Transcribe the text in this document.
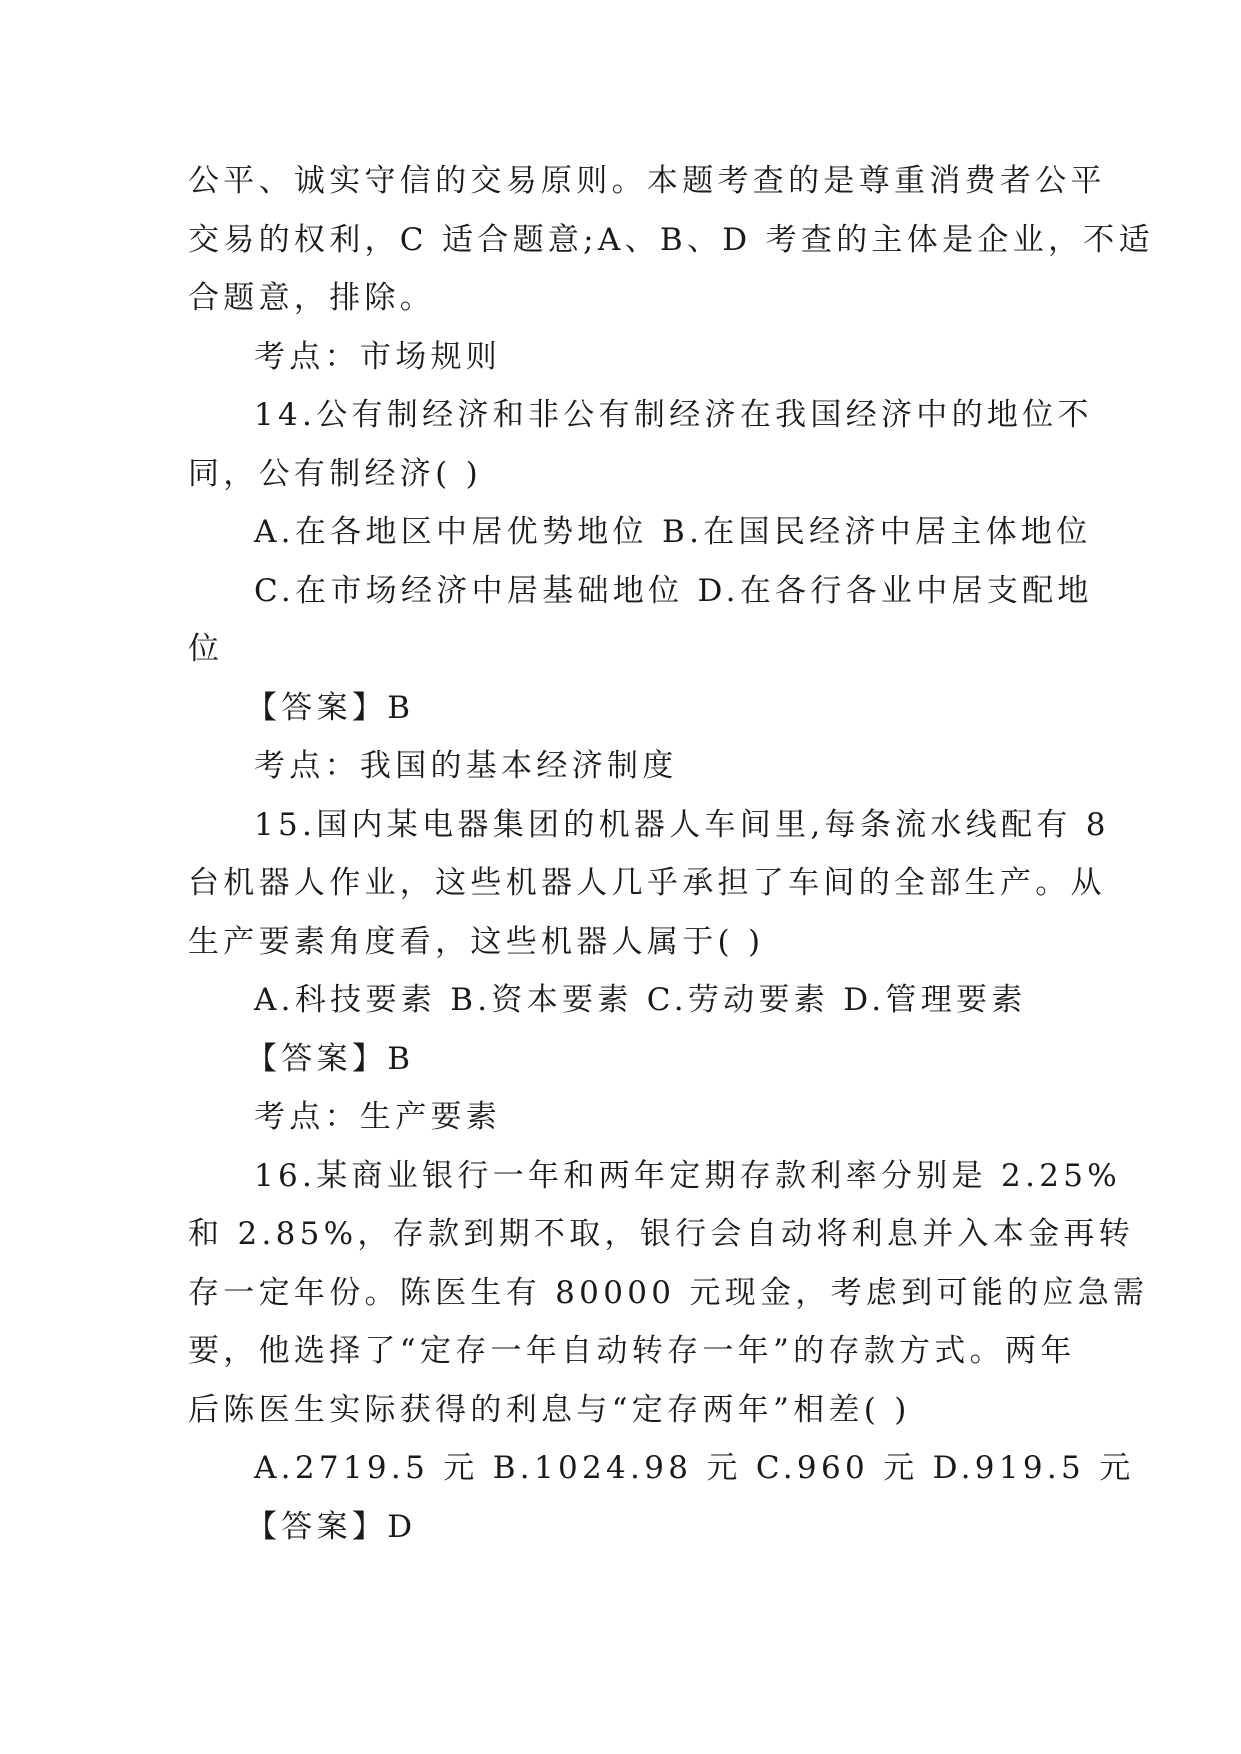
公平、诚实守信的交易原则。本题考查的是尊重消费者公平
交易的权利，C 适合题意;A、B、D 考查的主体是企业，不适
合题意，排除。
考点：市场规则
14.公有制经济和非公有制经济在我国经济中的地位不
同，公有制经济( )
A.在各地区中居优势地位 B.在国民经济中居主体地位
C.在市场经济中居基础地位 D.在各行各业中居支配地
位
【答案】B
考点：我国的基本经济制度
15.国内某电器集团的机器人车间里,每条流水线配有 8
台机器人作业，这些机器人几乎承担了车间的全部生产。从
生产要素角度看，这些机器人属于( )
A.科技要素 B.资本要素 C.劳动要素 D.管理要素
【答案】B
考点：生产要素
16.某商业银行一年和两年定期存款利率分别是 2.25%
和 2.85%，存款到期不取，银行会自动将利息并入本金再转
存一定年份。陈医生有 80000 元现金，考虑到可能的应急需
要，他选择了“定存一年自动转存一年”的存款方式。两年
后陈医生实际获得的利息与“定存两年”相差( )
A.2719.5 元 B.1024.98 元 C.960 元 D.919.5 元
【答案】D
